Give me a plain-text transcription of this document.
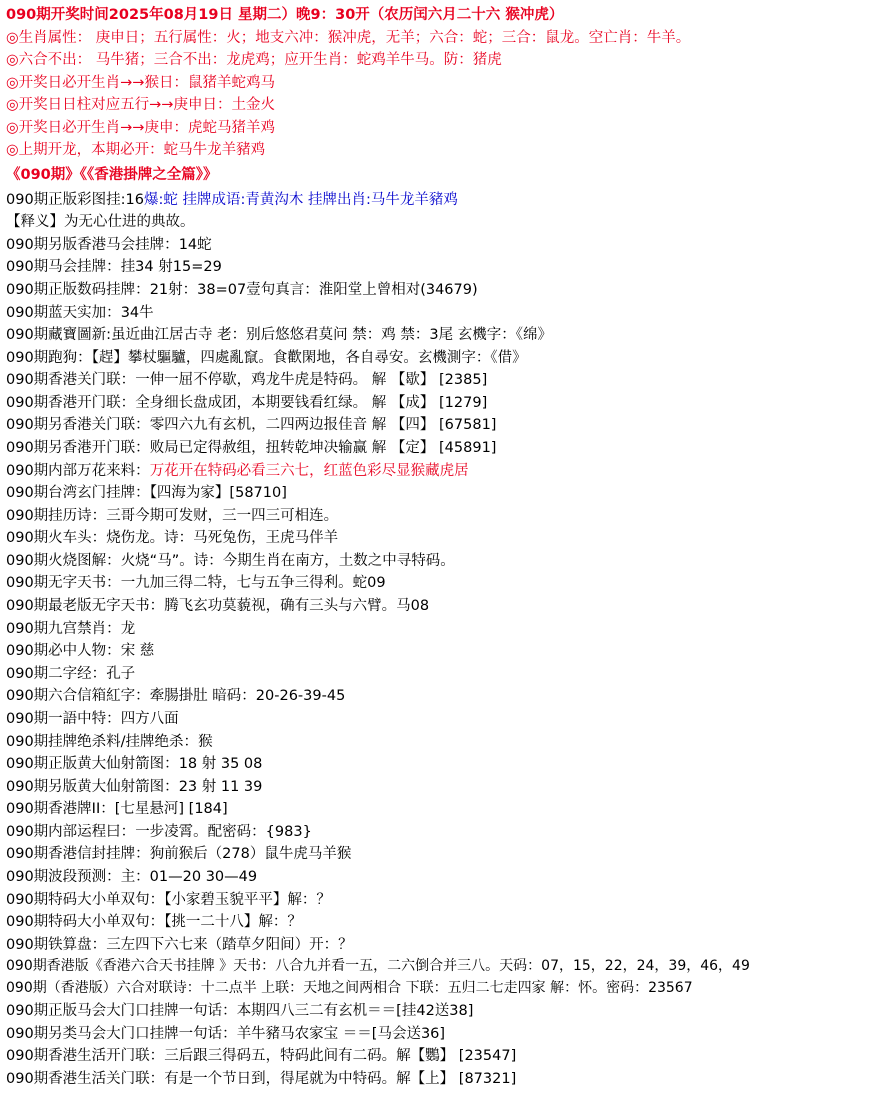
090期开奖时间2025年08月19日 星期二）晚9：30开（农历闰六月二十六 猴冲虎）
◎生肖属性： 庚申日；五行属性：火；地支六冲：猴冲虎，无羊；六合：蛇；三合：鼠龙。空亡肖：牛羊。
◎六合不出： 马牛猪；三合不出：龙虎鸡；应开生肖：蛇鸡羊牛马。防：猪虎
◎开奖日必开生肖→→猴日：鼠猪羊蛇鸡马
◎开奖日日柱对应五行→→庚申日：土金火
◎开奖日必开生肖→→庚申：虎蛇马猪羊鸡
◎上期开龙，本期必开：蛇马牛龙羊豬鸡
《090期》《《香港掛牌之全篇》》
090期正版彩图挂:16爆:蛇 挂牌成语:青黄沟木 挂牌出肖:马牛龙羊豬鸡
【释义】为无心仕进的典故。
090期另版香港马会挂牌：14蛇
090期马会挂牌：挂34 射15=29
090期正版数码挂牌：21射：38=07壹句真言：淮阳堂上曾相对(34679)
090期蓝天实加：34牛
090期藏寶圖新:虽近曲江居古寺 老：别后悠悠君莫问 禁：鸡 禁：3尾 玄機字：《绵》
090期跑狗：【趕】攀杖驅驢，四處亂竄。食歡閑地，各自尋安。玄機測字：《借》
090期香港关门联：一伸一屈不停歇，鸡龙牛虎是特码。 解 【歇】 [2385]
090期香港开门联：全身细长盘成团，本期要钱看红绿。 解 【成】 [1279]
090期另香港关门联：零四六九有玄机，二四两边报佳音 解 【四】 [67581]
090期另香港开门联：败局已定得赦组，扭转乾坤决输赢 解 【定】 [45891]
090期内部万花来料：万花开在特码必看三六七，红蓝色彩尽显猴藏虎居
090期台湾玄门挂牌：【四海为家】[58710]
090期挂历诗：三哥今期可发财，三一四三可相连。
090期火车头：烧伤龙。诗：马死兔伤，王虎马伴羊
090期火烧图解：火烧“马”。诗：今期生肖在南方，土数之中寻特码。
090期无字天书：一九加三得二特，七与五争三得利。蛇09
090期最老版无字天书：腾飞玄功莫藐视，确有三头与六臂。马08
090期九宫禁肖：龙
090期必中人物：宋 慈
090期二字经：孔子
090期六合信箱紅字：牽腸掛肚 暗码：20-26-39-45
090期一語中特：四方八面
090期挂牌绝杀料/挂牌绝杀：猴
090期正版黄大仙射箭图：18 射 35 08
090期另版黄大仙射箭图：23 射 11 39
090期香港牌II：[七星悬河] [184]
090期内部运程曰：一步凌霄。配密码：{983}
090期香港信封挂牌：狗前猴后（278）鼠牛虎马羊猴
090期波段预测：主：01—20 30—49
090期特码大小单双句：【小家碧玉貌平平】解：？
090期特码大小单双句：【挑一二十八】解：？
090期铁算盘：三左四下六七来（踏草夕阳间）开：？
090期香港版《香港六合天书挂牌 》天书：八合九并看一五，二六倒合并三八。天码：07，15，22，24，39，46，49
090期（香港版）六合对联诗：十二点半 上联：天地之间两相合 下联：五归二七走四家 解：怀。密码：23567
090期正版马会大门口挂牌一句话：本期四八三二有玄机＝＝[挂42送38]
090期另类马会大门口挂牌一句话：羊牛豬马农家宝 ＝＝[马会送36]
090期香港生活开门联：三后跟三得码五，特码此间有二码。解【鸚】 [23547]
090期香港生活关门联：有是一个节日到，得尾就为中特码。解【上】 [87321]
